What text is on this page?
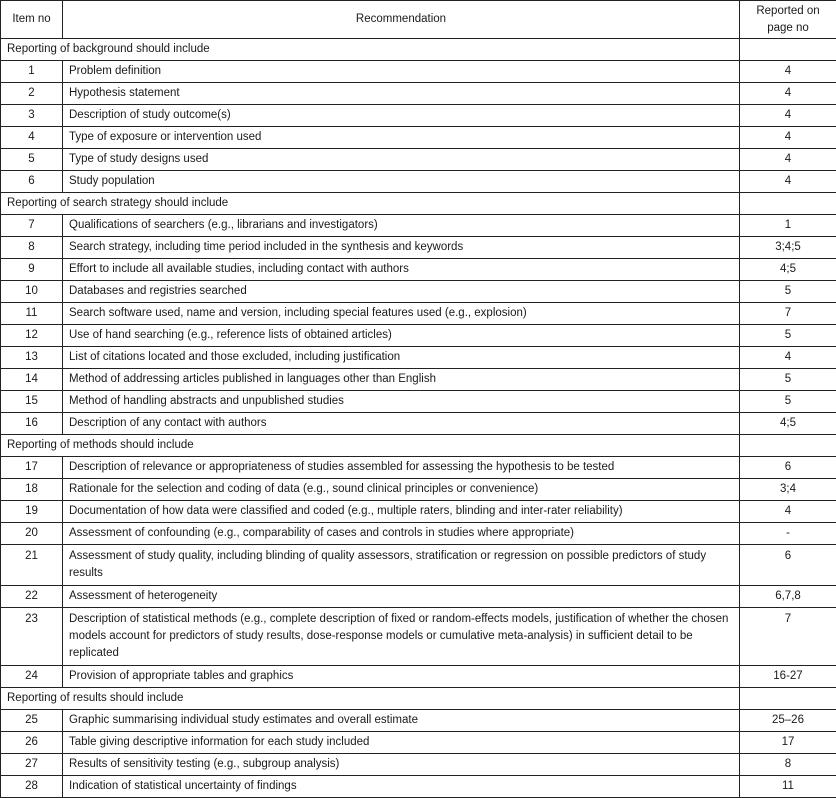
Item no	Recommendation	Reported on page no
Reporting of background should include		
1	Problem definition	4
2	Hypothesis statement	4
3	Description of study outcome(s)	4
4	Type of exposure or intervention used	4
5	Type of study designs used	4
6	Study population	4
Reporting of search strategy should include		
7	Qualifications of searchers (e.g., librarians and investigators)	1
8	Search strategy, including time period included in the synthesis and keywords	3;4;5
9	Effort to include all available studies, including contact with authors	4;5
10	Databases and registries searched	5
11	Search software used, name and version, including special features used (e.g., explosion)	7
12	Use of hand searching (e.g., reference lists of obtained articles)	5
13	List of citations located and those excluded, including justification	4
14	Method of addressing articles published in languages other than English	5
15	Method of handling abstracts and unpublished studies	5
16	Description of any contact with authors	4;5
Reporting of methods should include		
17	Description of relevance or appropriateness of studies assembled for assessing the hypothesis to be tested	6
18	Rationale for the selection and coding of data (e.g., sound clinical principles or convenience)	3;4
19	Documentation of how data were classified and coded (e.g., multiple raters, blinding and inter-rater reliability)	4
20	Assessment of confounding (e.g., comparability of cases and controls in studies where appropriate)	-
21	Assessment of study quality, including blinding of quality assessors, stratification or regression on possible predictors of study results	6
22	Assessment of heterogeneity	6,7,8
23	Description of statistical methods (e.g., complete description of fixed or random-effects models, justification of whether the chosen models account for predictors of study results, dose-response models or cumulative meta-analysis) in sufficient detail to be replicated	7
24	Provision of appropriate tables and graphics	16-27
Reporting of results should include		
25	Graphic summarising individual study estimates and overall estimate	25–26
26	Table giving descriptive information for each study included	17
27	Results of sensitivity testing (e.g., subgroup analysis)	8
28	Indication of statistical uncertainty of findings	11
